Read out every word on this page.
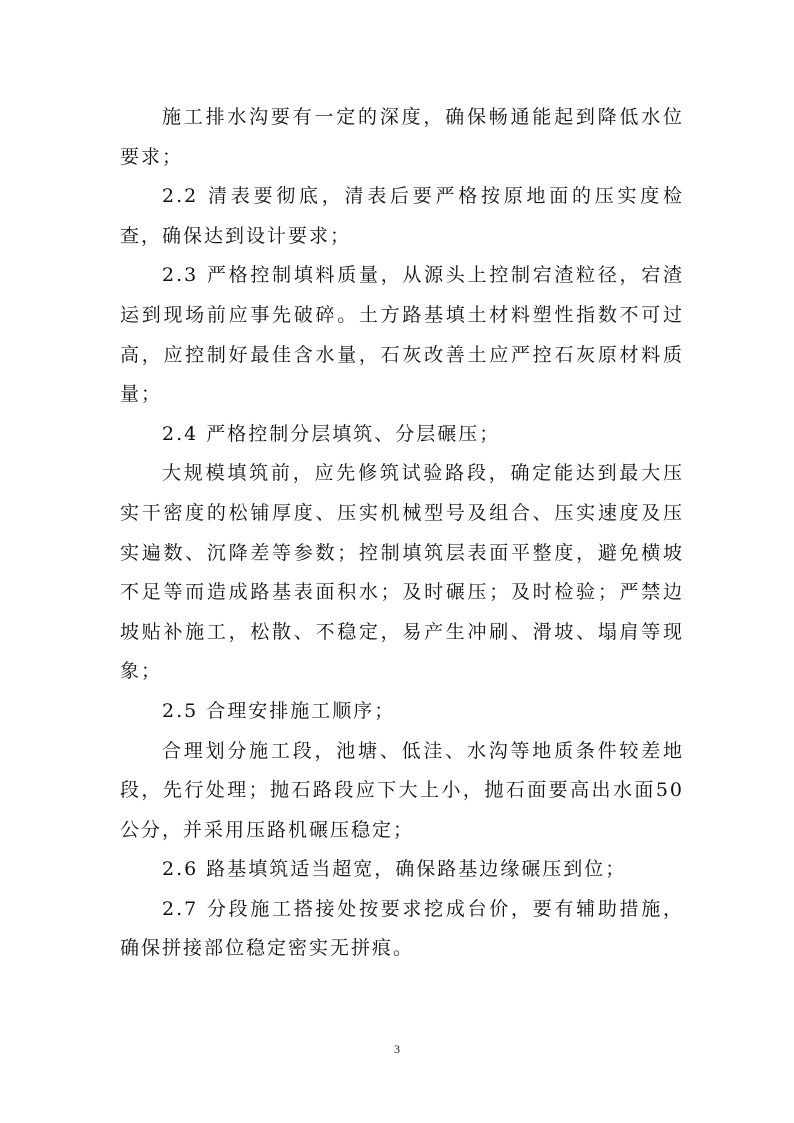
施工排水沟要有一定的深度，确保畅通能起到降低水位要求；

2.2 清表要彻底，清表后要严格按原地面的压实度检查，确保达到设计要求；

2.3 严格控制填料质量，从源头上控制宕渣粒径，宕渣运到现场前应事先破碎。土方路基填土材料塑性指数不可过高，应控制好最佳含水量，石灰改善土应严控石灰原材料质量；

2.4 严格控制分层填筑、分层碾压；

大规模填筑前，应先修筑试验路段，确定能达到最大压实干密度的松铺厚度、压实机械型号及组合、压实速度及压实遍数、沉降差等参数；控制填筑层表面平整度，避免横坡不足等而造成路基表面积水；及时碾压；及时检验；严禁边坡贴补施工，松散、不稳定，易产生冲刷、滑坡、塌肩等现象；

2.5 合理安排施工顺序；

合理划分施工段，池塘、低洼、水沟等地质条件较差地段，先行处理；抛石路段应下大上小，抛石面要高出水面50公分，并采用压路机碾压稳定；

2.6 路基填筑适当超宽，确保路基边缘碾压到位；

2.7 分段施工搭接处按要求挖成台价，要有辅助措施，确保拼接部位稳定密实无拼痕。

3
